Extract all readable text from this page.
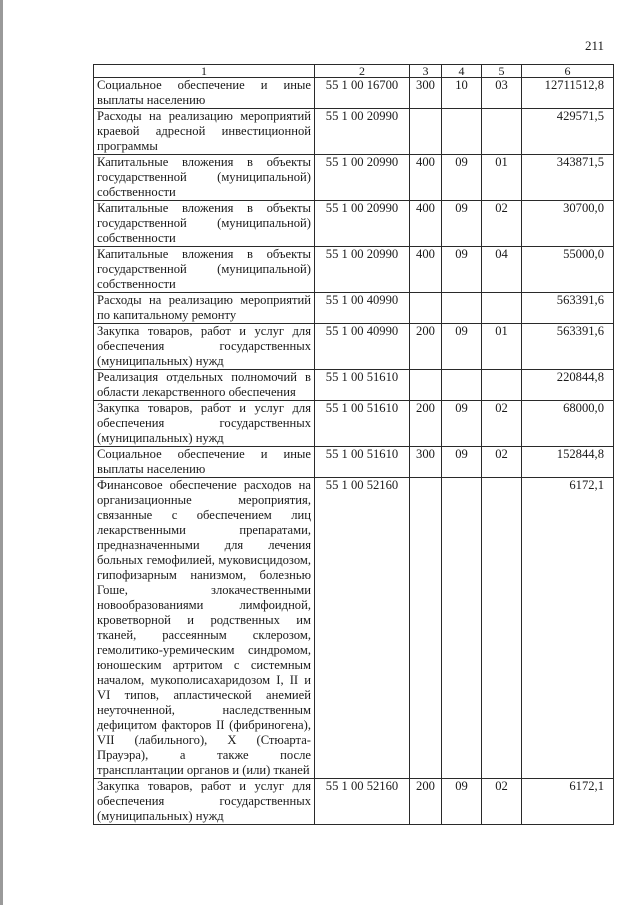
211
1	2	3	4	5	6
Социальное обеспечение и иные выплаты населению	55 1 00 16700	300	10	03	12711512,8
Расходы на реализацию мероприятий краевой адресной инвестиционной программы	55 1 00 20990				429571,5
Капитальные вложения в объекты государственной (муниципальной) собственности	55 1 00 20990	400	09	01	343871,5
Капитальные вложения в объекты государственной (муниципальной) собственности	55 1 00 20990	400	09	02	30700,0
Капитальные вложения в объекты государственной (муниципальной) собственности	55 1 00 20990	400	09	04	55000,0
Расходы на реализацию мероприятий по капитальному ремонту	55 1 00 40990				563391,6
Закупка товаров, работ и услуг для обеспечения государственных (муниципальных) нужд	55 1 00 40990	200	09	01	563391,6
Реализация отдельных полномочий в области лекарственного обеспечения	55 1 00 51610				220844,8
Закупка товаров, работ и услуг для обеспечения государственных (муниципальных) нужд	55 1 00 51610	200	09	02	68000,0
Социальное обеспечение и иные выплаты населению	55 1 00 51610	300	09	02	152844,8
Финансовое обеспечение расходов на организационные мероприятия, связанные с обеспечением лиц лекарственными препаратами, предназначенными для лечения больных гемофилией, муковисцидозом, гипофизарным нанизмом, болезнью Гоше, злокачественными новообразованиями лимфоидной, кроветворной и родственных им тканей, рассеянным склерозом, гемолитико-уремическим синдромом, юношеским артритом с системным началом, мукополисахаридозом I, II и VI типов, апластической анемией неуточненной, наследственным дефицитом факторов II (фибриногена), VII (лабильного), X (Стюарта-Прауэра), а также после трансплантации органов и (или) тканей	55 1 00 52160				6172,1
Закупка товаров, работ и услуг для обеспечения государственных (муниципальных) нужд	55 1 00 52160	200	09	02	6172,1
